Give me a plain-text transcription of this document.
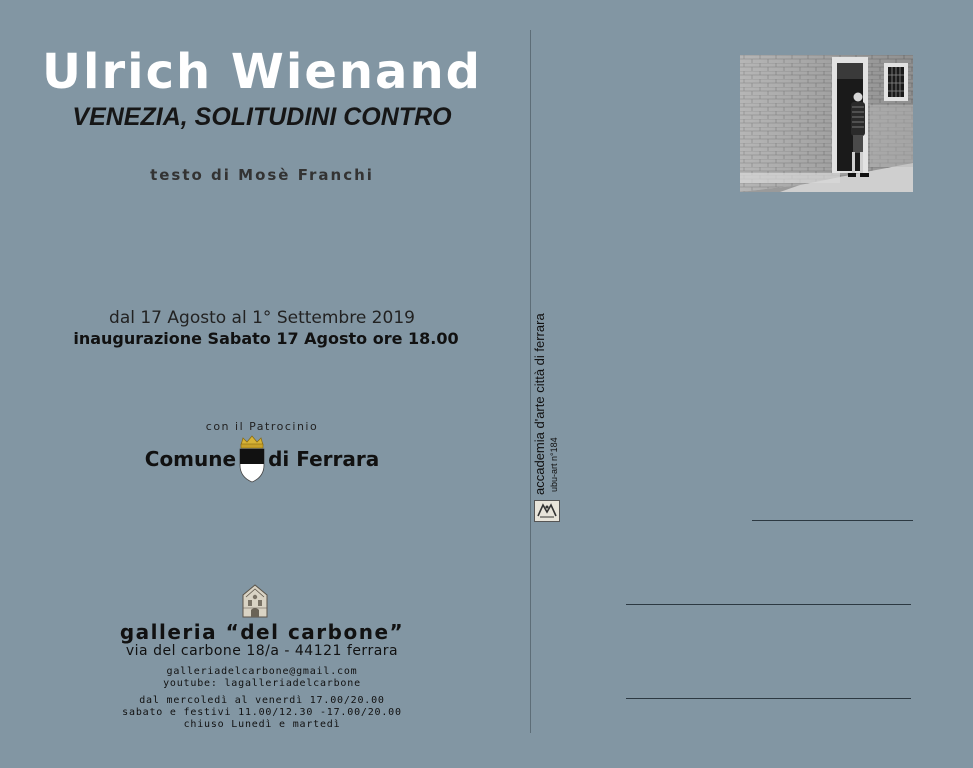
Ulrich Wienand
VENEZIA, SOLITUDINI CONTRO
testo di Mosè Franchi
dal 17 Agosto al 1° Settembre 2019
inaugurazione Sabato 17 Agosto ore 18.00
con il Patrocinio
Comune di Ferrara
galleria “del carbone”
via del carbone 18/a - 44121 ferrara
galleriadelcarbone@gmail.com
youtube: lagalleriadelcarbone
dal mercoledì al venerdì 17.00/20.00
sabato e festivi 11.00/12.30 -17.00/20.00
chiuso Lunedì e martedì
accademia d'arte città di ferrara ubu-art n°184
